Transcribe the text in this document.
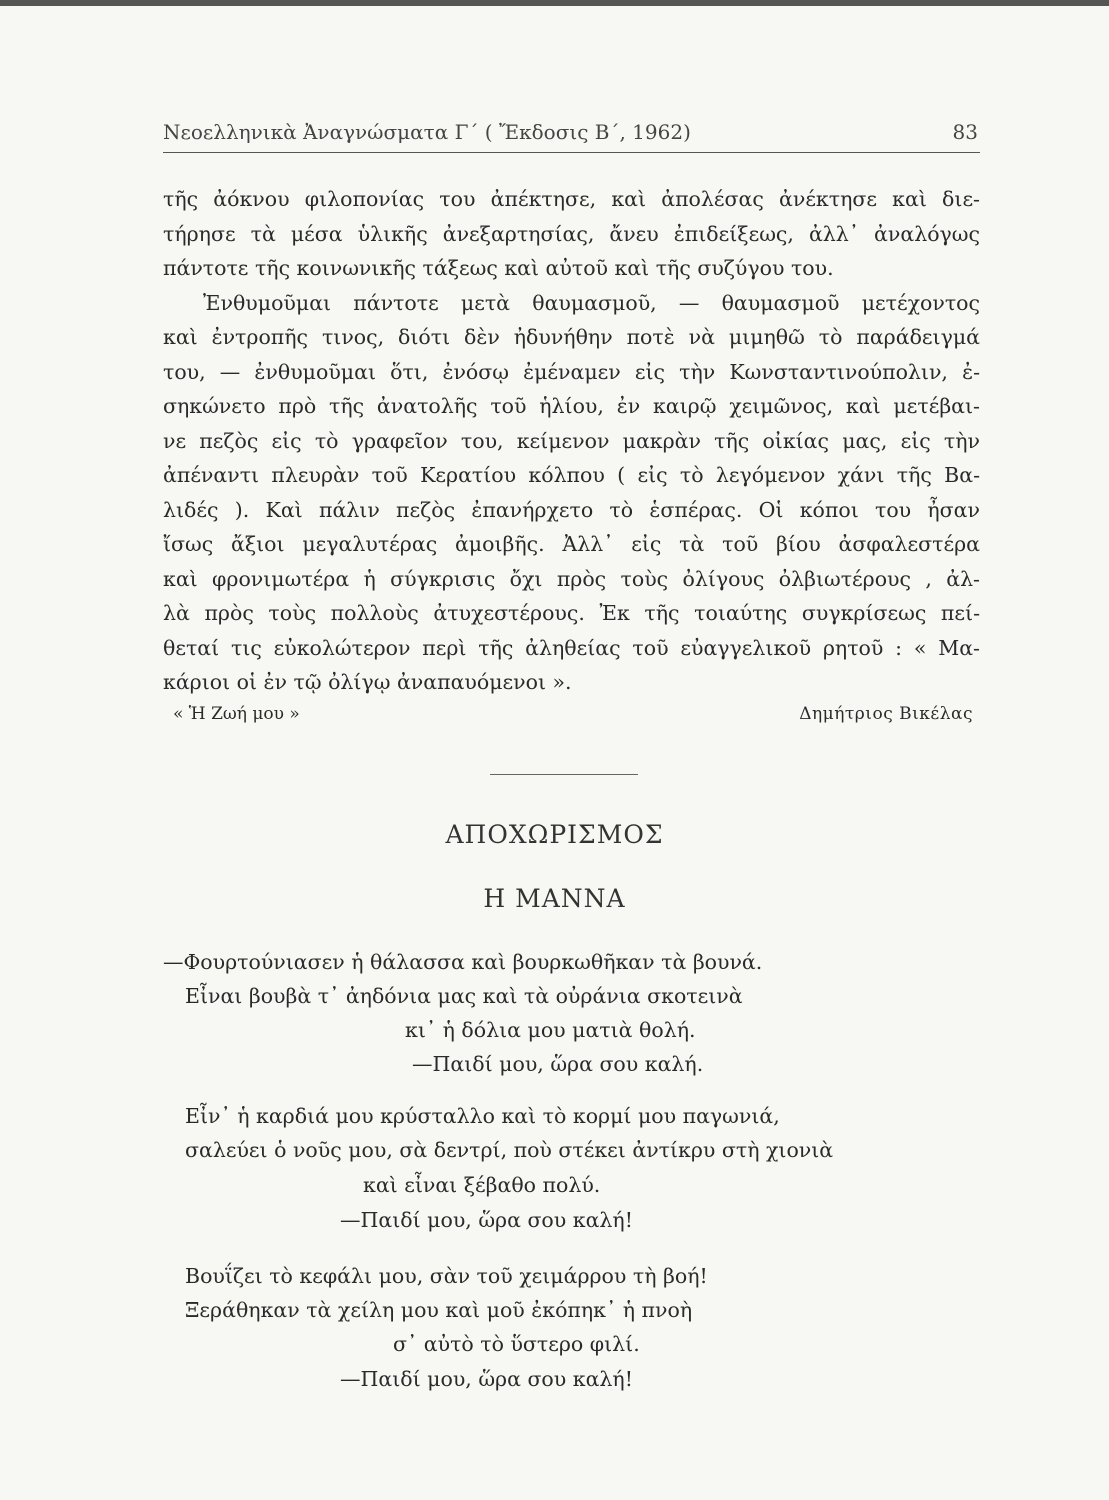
Νεοελληνικὰ Ἀναγνώσματα Γ´ ( Ἔκδοσις Β´, 1962)	83
τῆς ἀόκνου φιλοπονίας του ἀπέκτησε, καὶ ἀπολέσας ἀνέκτησε καὶ διε-
τήρησε τὰ μέσα ὑλικῆς ἀνεξαρτησίας, ἄνευ ἐπιδείξεως, ἀλλ᾽ ἀναλόγως
πάντοτε τῆς κοινωνικῆς τάξεως καὶ αὐτοῦ καὶ τῆς συζύγου του.
Ἐνθυμοῦμαι πάντοτε μετὰ θαυμασμοῦ, — θαυμασμοῦ μετέχοντος
καὶ ἐντροπῆς τινος, διότι δὲν ἠδυνήθην ποτὲ νὰ μιμηθῶ τὸ παράδειγμά
του, — ἐνθυμοῦμαι ὅτι, ἐνόσῳ ἐμέναμεν εἰς τὴν Κωνσταντινούπολιν, ἐ-
σηκώνετο πρὸ τῆς ἀνατολῆς τοῦ ἡλίου, ἐν καιρῷ χειμῶνος, καὶ μετέβαι-
νε πεζὸς εἰς τὸ γραφεῖον του, κείμενον μακρὰν τῆς οἰκίας μας, εἰς τὴν
ἀπέναντι πλευρὰν τοῦ Κερατίου κόλπου ( εἰς τὸ λεγόμενον χάνι τῆς Βα-
λιδές ). Καὶ πάλιν πεζὸς ἐπανήρχετο τὸ ἑσπέρας. Οἱ κόποι του ἦσαν
ἴσως ἄξιοι μεγαλυτέρας ἀμοιβῆς. Ἀλλ᾽ εἰς τὰ τοῦ βίου ἀσφαλεστέρα
καὶ φρονιμωτέρα ἡ σύγκρισις ὄχι πρὸς τοὺς ὀλίγους ὀλβιωτέρους , ἀλ-
λὰ πρὸς τοὺς πολλοὺς ἀτυχεστέρους. Ἐκ τῆς τοιαύτης συγκρίσεως πεί-
θεταί τις εὐκολώτερον περὶ τῆς ἀληθείας τοῦ εὐαγγελικοῦ ρητοῦ : « Μα-
κάριοι οἱ ἐν τῷ ὀλίγῳ ἀναπαυόμενοι ».
« Ἡ Ζωή μου »	Δημήτριος Βικέλας
ΑΠΟΧΩΡΙΣΜΟΣ
Η ΜΑΝΝΑ
—Φουρτούνιασεν ἡ θάλασσα καὶ βουρκωθῆκαν τὰ βουνά.
Εἶναι βουβὰ τ᾽ ἀηδόνια μας καὶ τὰ οὐράνια σκοτεινὰ
κι᾽ ἡ δόλια μου ματιὰ θολή.
—Παιδί μου, ὥρα σου καλή.
Εἶν᾽ ἡ καρδιά μου κρύσταλλο καὶ τὸ κορμί μου παγωνιά,
σαλεύει ὁ νοῦς μου, σὰ δεντρί, ποὺ στέκει ἀντίκρυ στὴ χιονιὰ
καὶ εἶναι ξέβαθο πολύ.
—Παιδί μου, ὥρα σου καλή!
Βουΐζει τὸ κεφάλι μου, σὰν τοῦ χειμάρρου τὴ βοή!
Ξεράθηκαν τὰ χείλη μου καὶ μοῦ ἐκόπηκ᾽ ἡ πνοὴ
σ᾽ αὐτὸ τὸ ὕστερο φιλί.
—Παιδί μου, ὥρα σου καλή!
